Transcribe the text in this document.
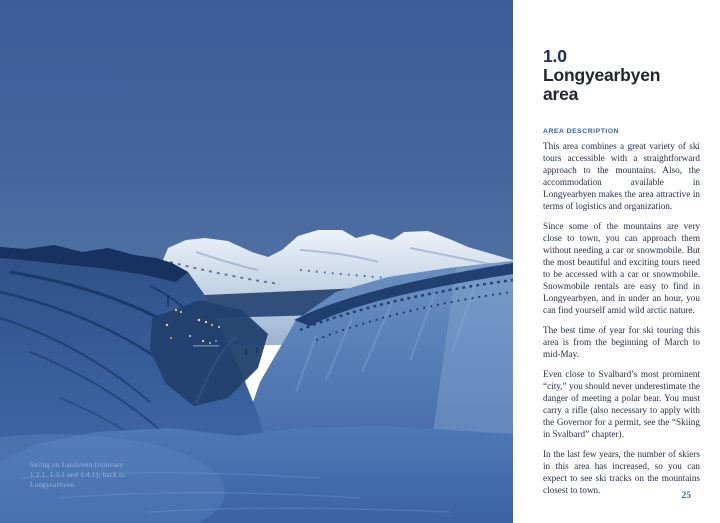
Skiing on Larsbreen (itinerary
1.2.1, 1.3.1 and 1.4.1); back to
Longyearbyen.
1.0
Longyearbyen
area
AREA DESCRIPTION

This area combines a great variety of ski tours accessible with a straightforward approach to the mountains. Also, the accommodation available in Longyearbyen makes the area attractive in terms of logistics and organization.

Since some of the mountains are very close to town, you can approach them without needing a car or snowmobile. But the most beautiful and exciting tours need to be accessed with a car or snowmobile. Snowmobile rentals are easy to find in Longyearbyen, and in under an hour, you can find yourself amid wild arctic nature.

The best time of year for ski touring this area is from the beginning of March to mid-May.

Even close to Svalbard’s most prominent “city,” you should never underestimate the danger of meeting a polar bear. You must carry a rifle (also necessary to apply with the Governor for a permit, see the “Skiing in Svalbard” chapter).

In the last few years, the number of skiers in this area has increased, so you can expect to see ski tracks on the mountains closest to town.

25
